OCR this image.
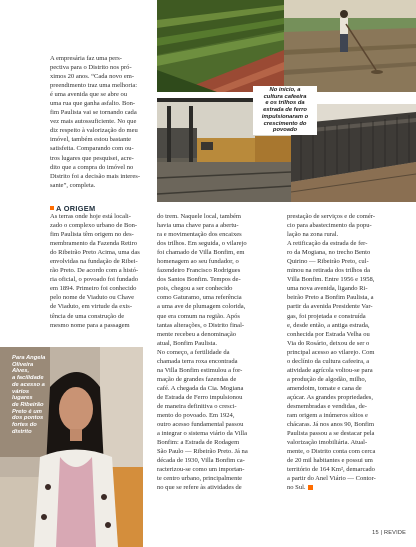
No início, a
cultura cafeeira
e os trilhos da
estrada de ferro
impulsionaram o
crescimento do
povoado
Para Angela
Oliveira Alves,
a facilidade
de acesso a
vários lugares
de Ribeirão
Preto é um
dos pontos
fortes do
distrito

A empresária faz uma pers-
pectiva para o Distrito nos pró-
ximos 20 anos. “Cada novo em-
preendimento traz uma melhoria:
é uma avenida que se abre ou
uma rua que ganha asfalto. Bon-
fim Paulista vai se tornando cada
vez mais autossuficiente. No que
diz respeito à valorização do meu
imóvel, também estou bastante
satisfeita. Comparando com ou-
tros lugares que pesquisei, acre-
dito que a compra do imóvel no
Distrito foi a decisão mais interes-
sante”, completa.

A ORIGEM

As terras onde hoje está locali-
zado o complexo urbano de Bon-
fim Paulista têm origem no des-
membramento da Fazenda Retiro
do Ribeirão Preto Acima, uma das
envolvidas na fundação de Ribei-
rão Preto. De acordo com a histó-
ria oficial, o povoado foi fundado
em 1894. Primeiro foi conhecido
pelo nome de Viaduto ou Chave
de Viaduto, em virtude da exis-
tência de uma construção de
mesmo nome para a passagem

do trem. Naquele local, também
havia uma chave para a abertu-
ra e movimentação dos encaixes
dos trilhos. Em seguida, o vilarejo
foi chamado de Villa Bonfim, em
homenagem ao seu fundador, o
fazendeiro Francisco Rodrigues
dos Santos Bonfim. Tempos de-
pois, chegou a ser conhecido
como Gaturamo, uma referência
a uma ave de plumagem colorida,
que era comum na região. Após
tantas alterações, o Distrito final-
mente recebeu a denominação
atual, Bonfim Paulista.
No começo, a fertilidade da
chamada terra roxa encontrada
na Villa Bonfim estimulou a for-
mação de grandes fazendas de
café. A chegada da Cia. Mogiana
de Estrada de Ferro impulsionou
de maneira definitiva o cresci-
mento do povoado. Em 1924,
outro acesso fundamental passou
a integrar o sistema viário da Villa
Bonfim: a Estrada de Rodagem
São Paulo — Ribeirão Preto. Já na
década de 1930, Villa Bonfim ca-
racterizou-se como um importan-
te centro urbano, principalmente
no que se refere às atividades de

prestação de serviços e de comér-
cio para abastecimento da popu-
lação na zona rural.
A retificação da estrada de fer-
ro da Mogiana, no trecho Bento
Quirino — Ribeirão Preto, cul-
minou na retirada dos trilhos da
Villa Bonfim. Entre 1956 e 1958,
uma nova avenida, ligando Ri-
beirão Preto a Bonfim Paulista, a
partir da avenida Presidente Var-
gas, foi projetada e construída
e, desde então, a antiga estrada,
conhecida por Estrada Velha ou
Via do Rosário, deixou de ser o
principal acesso ao vilarejo. Com
o declínio da cultura cafeeira, a
atividade agrícola voltou-se para
a produção de algodão, milho,
amendoim, tomate e cana de
açúcar. As grandes propriedades,
desmembradas e vendidas, de-
ram origem a inúmeros sítios e
chácaras. Já nos anos 90, Bonfim
Paulista passou a se destacar pela
valorização imobiliária. Atual-
mente, o Distrito conta com cerca
de 20 mil habitantes e possui um
território de 164 Km², demarcado
a partir do Anel Viário — Contor-
no Sul.
15 | REVIDE
